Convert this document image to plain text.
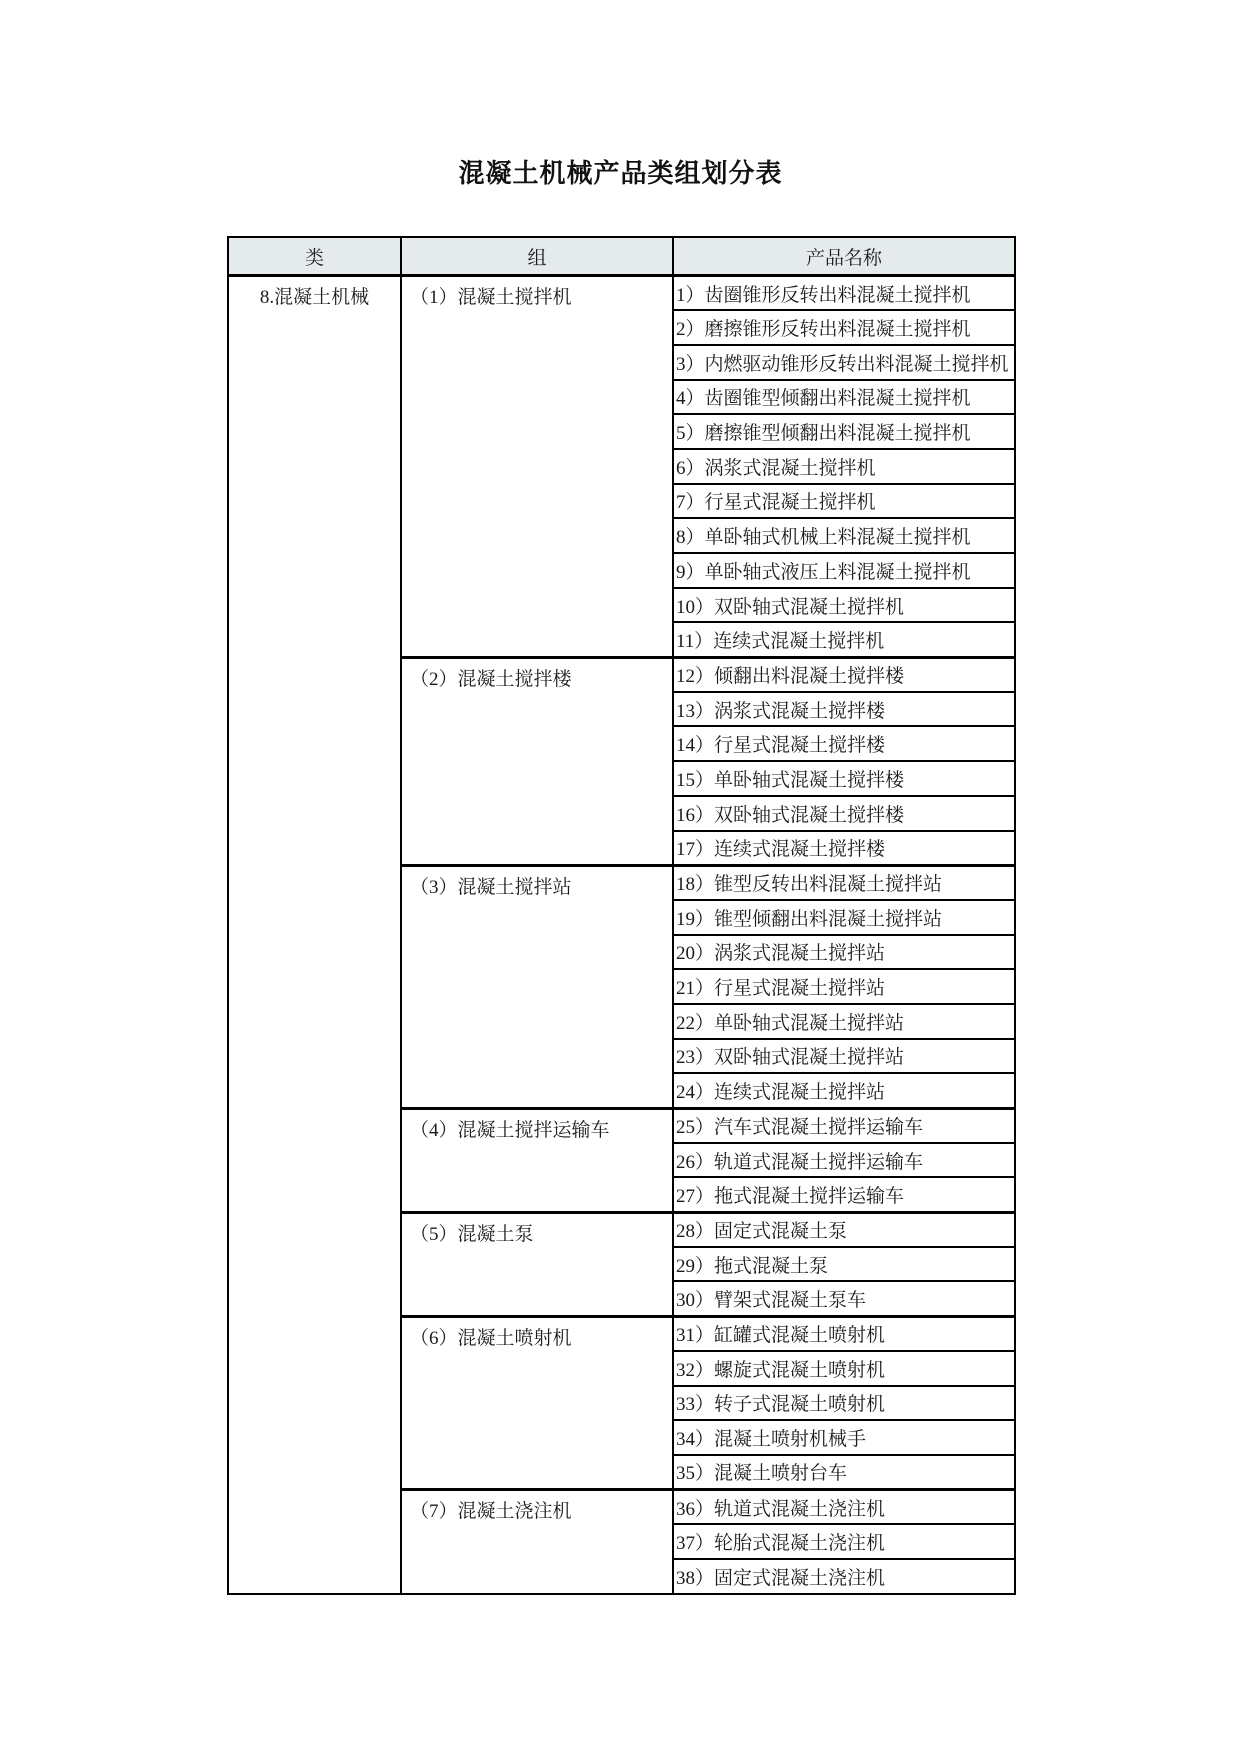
混凝土机械产品类组划分表
类	组	产品名称
8.混凝土机械	（1）混凝土搅拌机	1）齿圈锥形反转出料混凝土搅拌机
		2）磨擦锥形反转出料混凝土搅拌机
		3）内燃驱动锥形反转出料混凝土搅拌机
		4）齿圈锥型倾翻出料混凝土搅拌机
		5）磨擦锥型倾翻出料混凝土搅拌机
		6）涡浆式混凝土搅拌机
		7）行星式混凝土搅拌机
		8）单卧轴式机械上料混凝土搅拌机
		9）单卧轴式液压上料混凝土搅拌机
		10）双卧轴式混凝土搅拌机
		11）连续式混凝土搅拌机
	（2）混凝土搅拌楼	12）倾翻出料混凝土搅拌楼
		13）涡浆式混凝土搅拌楼
		14）行星式混凝土搅拌楼
		15）单卧轴式混凝土搅拌楼
		16）双卧轴式混凝土搅拌楼
		17）连续式混凝土搅拌楼
	（3）混凝土搅拌站	18）锥型反转出料混凝土搅拌站
		19）锥型倾翻出料混凝土搅拌站
		20）涡浆式混凝土搅拌站
		21）行星式混凝土搅拌站
		22）单卧轴式混凝土搅拌站
		23）双卧轴式混凝土搅拌站
		24）连续式混凝土搅拌站
	（4）混凝土搅拌运输车	25）汽车式混凝土搅拌运输车
		26）轨道式混凝土搅拌运输车
		27）拖式混凝土搅拌运输车
	（5）混凝土泵	28）固定式混凝土泵
		29）拖式混凝土泵
		30）臂架式混凝土泵车
	（6）混凝土喷射机	31）缸罐式混凝土喷射机
		32）螺旋式混凝土喷射机
		33）转子式混凝土喷射机
		34）混凝土喷射机械手
		35）混凝土喷射台车
	（7）混凝土浇注机	36）轨道式混凝土浇注机
		37）轮胎式混凝土浇注机
		38）固定式混凝土浇注机
